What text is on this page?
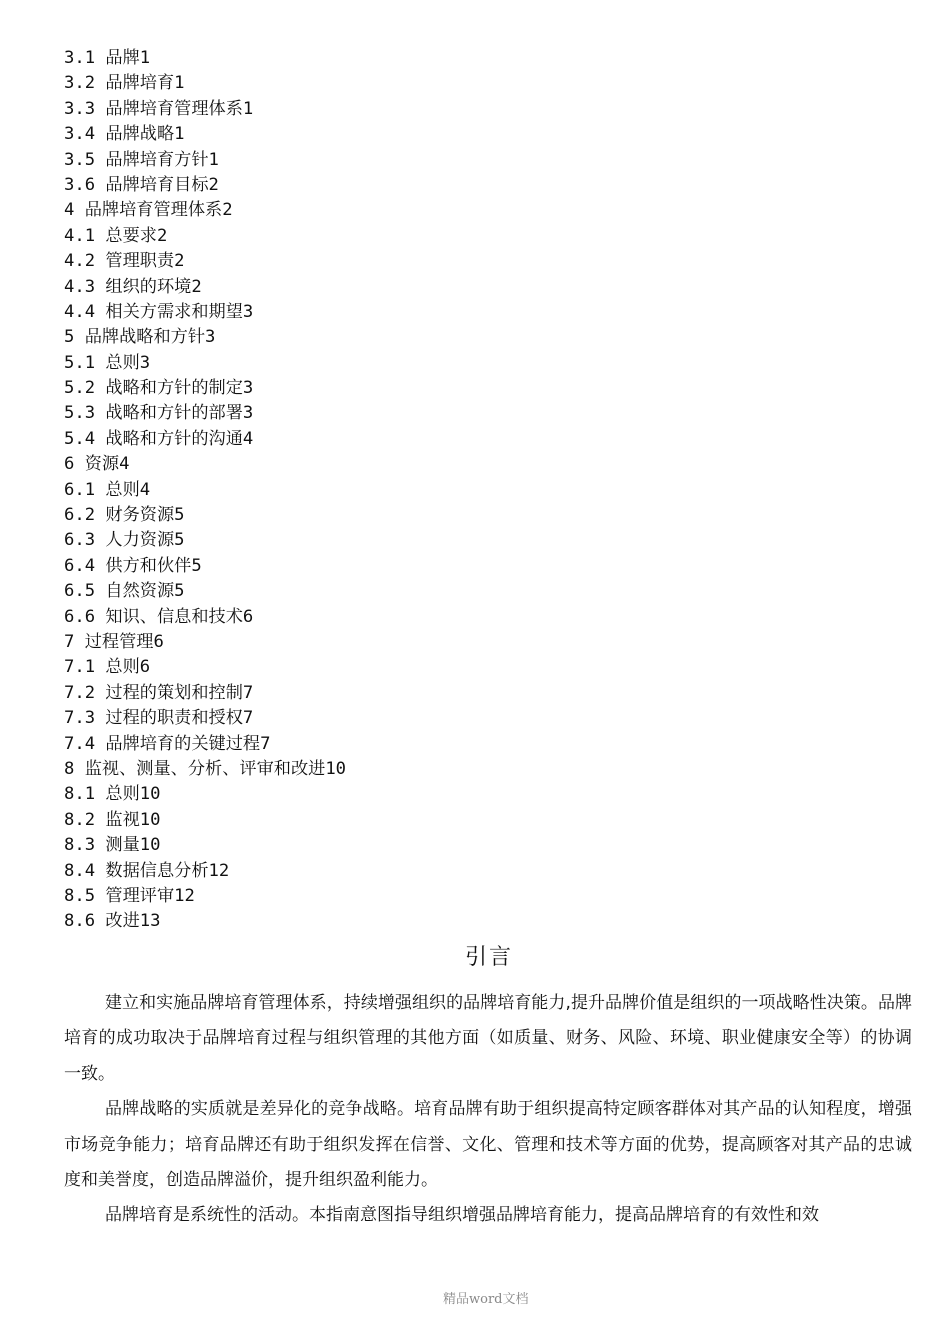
3.1 品牌1
3.2 品牌培育1
3.3 品牌培育管理体系1
3.4 品牌战略1
3.5 品牌培育方针1
3.6 品牌培育目标2
4 品牌培育管理体系2
4.1 总要求2
4.2 管理职责2
4.3 组织的环境2
4.4 相关方需求和期望3
5 品牌战略和方针3
5.1 总则3
5.2 战略和方针的制定3
5.3 战略和方针的部署3
5.4 战略和方针的沟通4
6 资源4
6.1 总则4
6.2 财务资源5
6.3 人力资源5
6.4 供方和伙伴5
6.5 自然资源5
6.6 知识、信息和技术6
7 过程管理6
7.1 总则6
7.2 过程的策划和控制7
7.3 过程的职责和授权7
7.4 品牌培育的关键过程7
8 监视、测量、分析、评审和改进10
8.1 总则10
8.2 监视10
8.3 测量10
8.4 数据信息分析12
8.5 管理评审12
8.6 改进13
引言

建立和实施品牌培育管理体系，持续增强组织的品牌培育能力,提升品牌价值是组织的一项战略性决策。品牌培育的成功取决于品牌培育过程与组织管理的其他方面（如质量、财务、风险、环境、职业健康安全等）的协调一致。

品牌战略的实质就是差异化的竞争战略。培育品牌有助于组织提高特定顾客群体对其产品的认知程度，增强市场竞争能力；培育品牌还有助于组织发挥在信誉、文化、管理和技术等方面的优势，提高顾客对其产品的忠诚度和美誉度，创造品牌溢价，提升组织盈利能力。

品牌培育是系统性的活动。本指南意图指导组织增强品牌培育能力，提高品牌培育的有效性和效

精品word文档
